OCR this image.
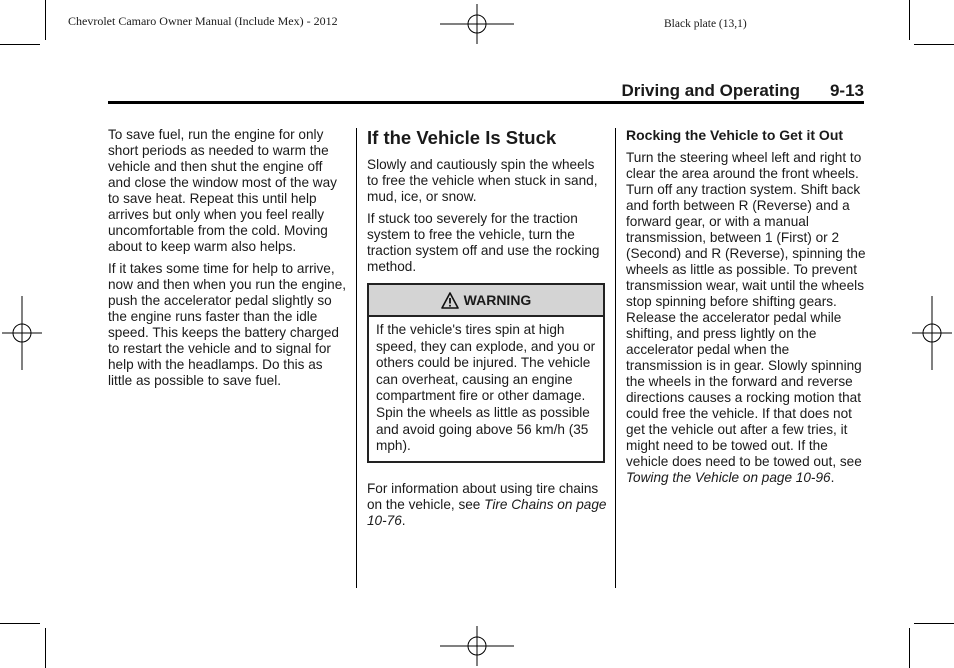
Chevrolet Camaro Owner Manual (Include Mex) - 2012	Black plate (13,1)
Driving and Operating 9-13

To save fuel, run the engine for only short periods as needed to warm the vehicle and then shut the engine off and close the window most of the way to save heat. Repeat this until help arrives but only when you feel really uncomfortable from the cold. Moving about to keep warm also helps.

If it takes some time for help to arrive, now and then when you run the engine, push the accelerator pedal slightly so the engine runs faster than the idle speed. This keeps the battery charged to restart the vehicle and to signal for help with the headlamps. Do this as little as possible to save fuel.

If the Vehicle Is Stuck

Slowly and cautiously spin the wheels to free the vehicle when stuck in sand, mud, ice, or snow.

If stuck too severely for the traction system to free the vehicle, turn the traction system off and use the rocking method.

WARNING
If the vehicle's tires spin at high speed, they can explode, and you or others could be injured. The vehicle can overheat, causing an engine compartment fire or other damage. Spin the wheels as little as possible and avoid going above 56 km/h (35 mph).

For information about using tire chains on the vehicle, see Tire Chains on page 10-76.

Rocking the Vehicle to Get it Out

Turn the steering wheel left and right to clear the area around the front wheels. Turn off any traction system. Shift back and forth between R (Reverse) and a forward gear, or with a manual transmission, between 1 (First) or 2 (Second) and R (Reverse), spinning the wheels as little as possible. To prevent transmission wear, wait until the wheels stop spinning before shifting gears. Release the accelerator pedal while shifting, and press lightly on the accelerator pedal when the transmission is in gear. Slowly spinning the wheels in the forward and reverse directions causes a rocking motion that could free the vehicle. If that does not get the vehicle out after a few tries, it might need to be towed out. If the vehicle does need to be towed out, see Towing the Vehicle on page 10-96.
